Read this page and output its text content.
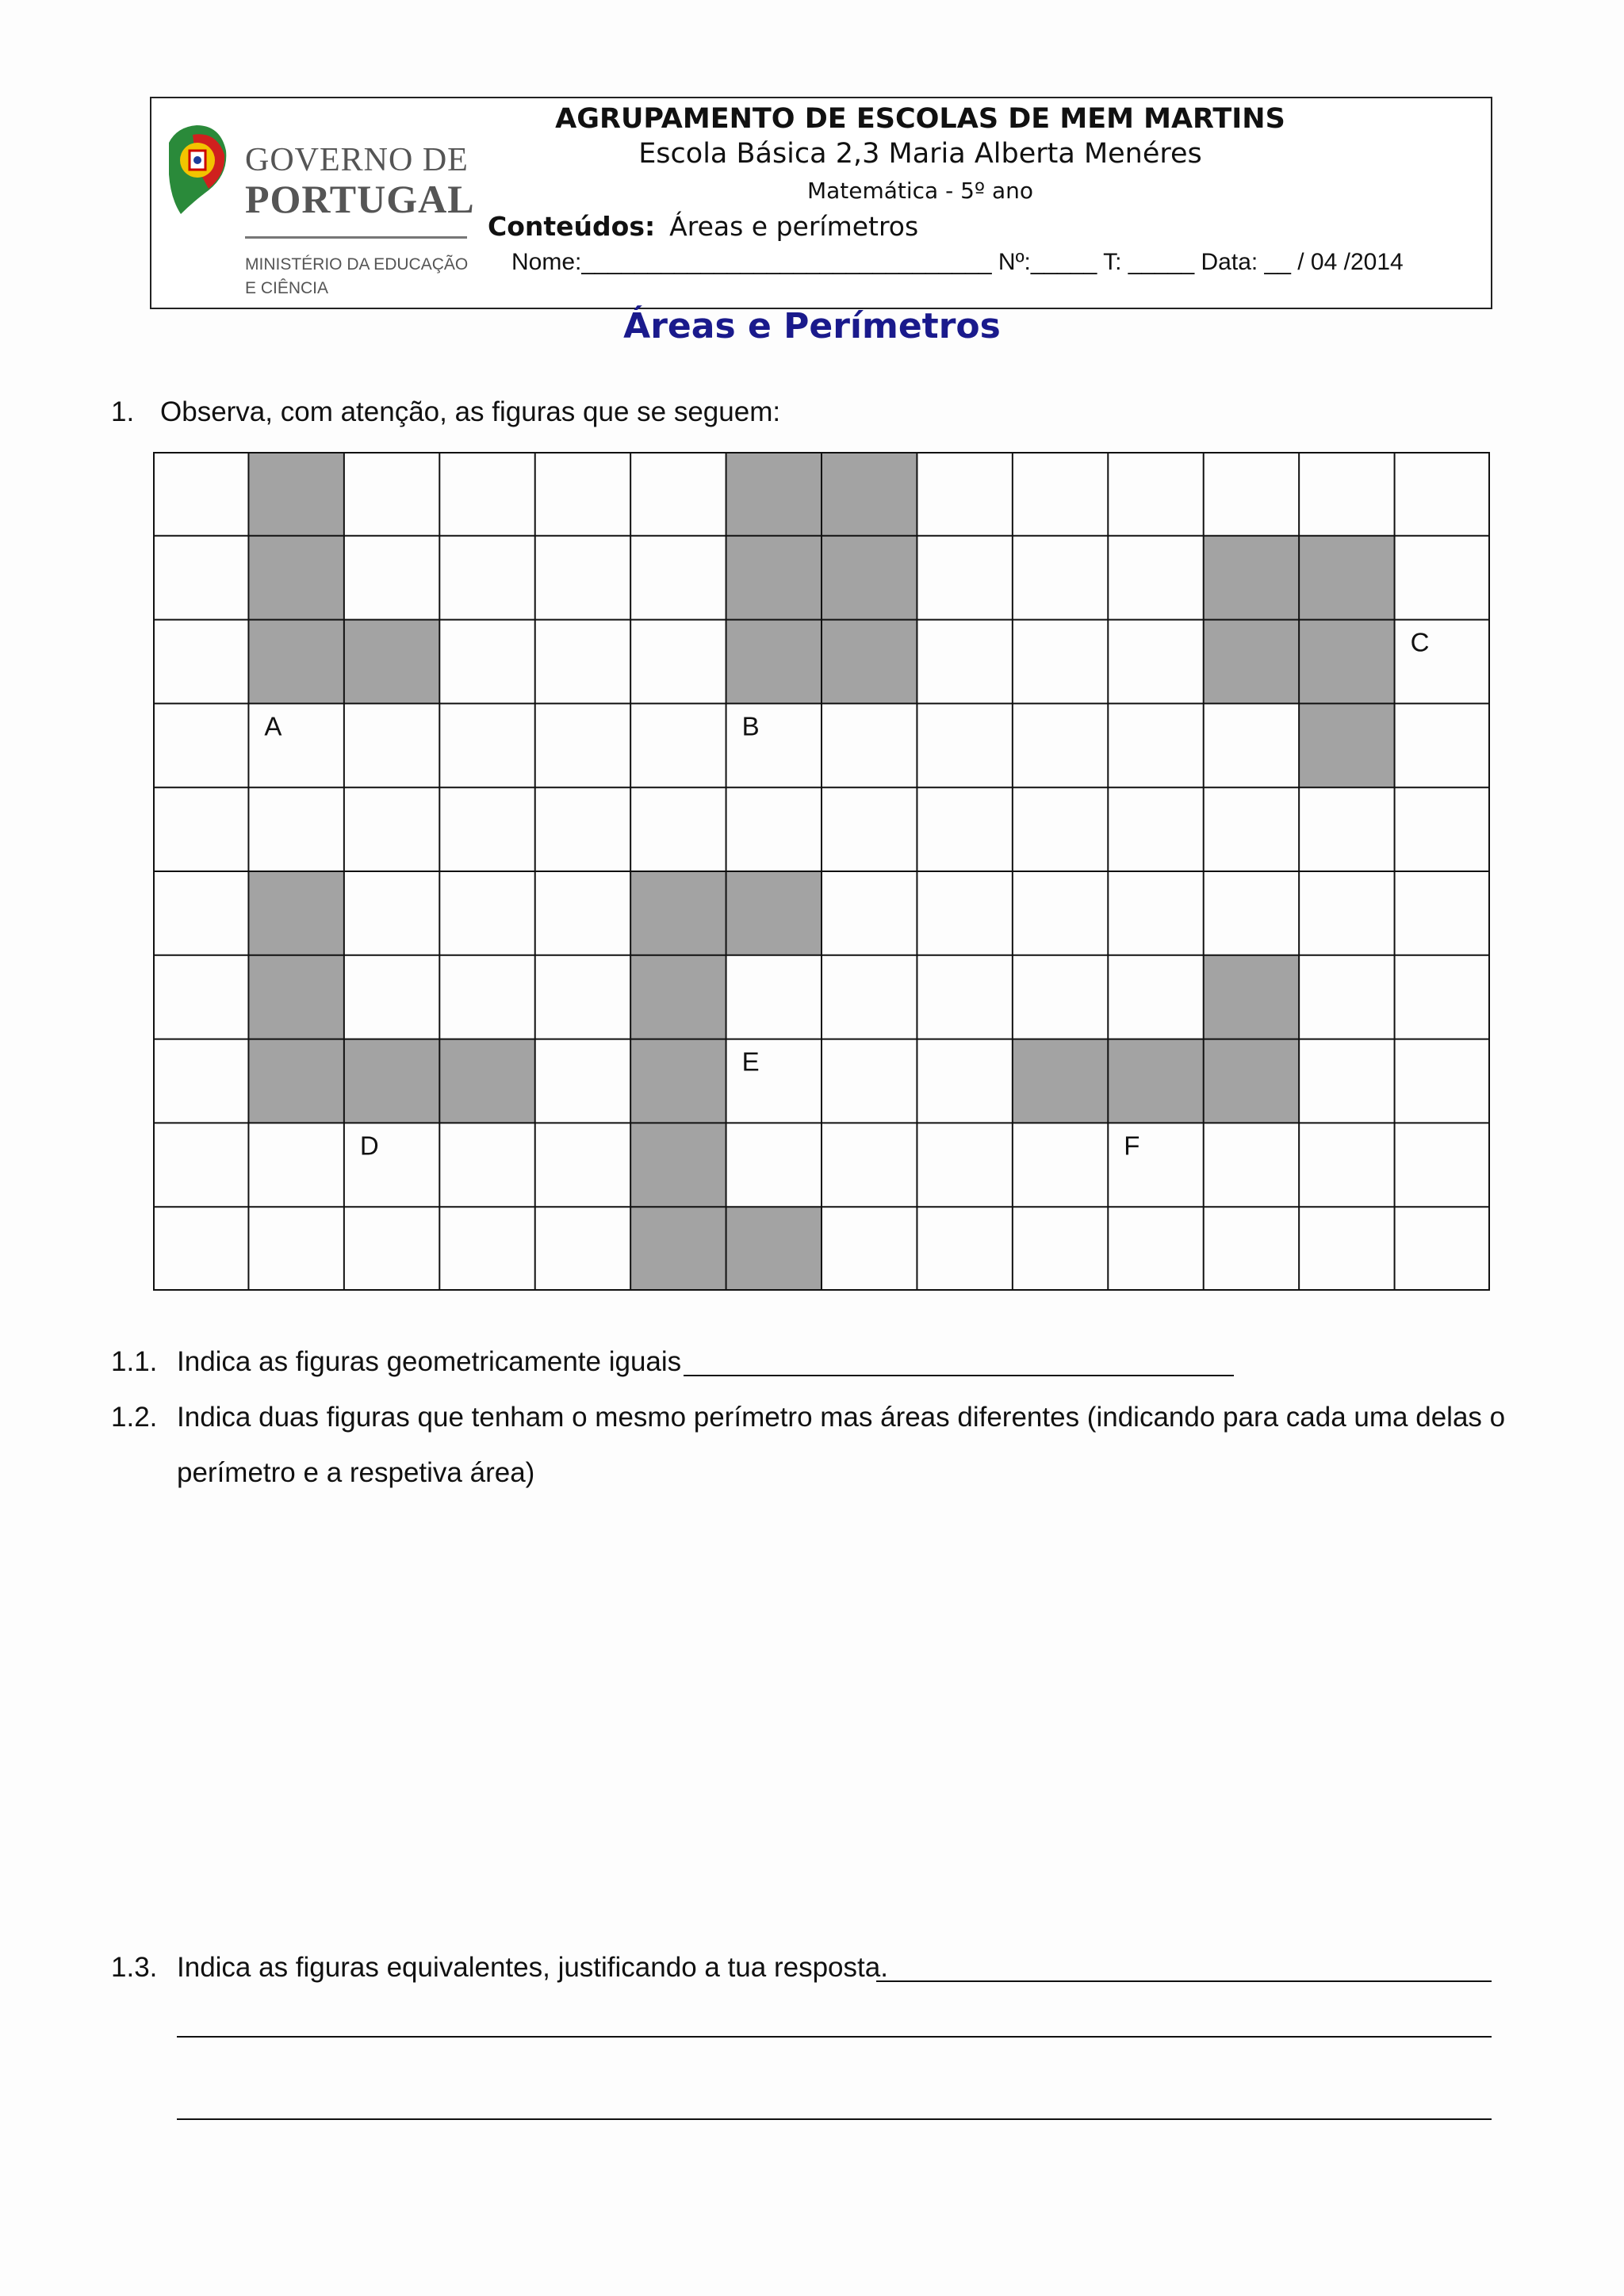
GOVERNO DE
PORTUGAL
MINISTÉRIO DA EDUCAÇÃO
E CIÊNCIA
AGRUPAMENTO DE ESCOLAS DE MEM MARTINS
Escola Básica 2,3 Maria Alberta Menéres
Matemática - 5º ano
Conteúdos: Áreas e perímetros
Nome:_______________________________ Nº:_____ T: _____ Data: __ / 04 /2014
Áreas e Perímetros
1. Observa, com atenção, as figuras que se seguem:
A	B
C
D
E
F
1.1. Indica as figuras geometricamente iguais
1.2. Indica duas figuras que tenham o mesmo perímetro mas áreas diferentes (indicando para cada uma delas o
perímetro e a respetiva área)
1.3. Indica as figuras equivalentes, justificando a tua resposta.
